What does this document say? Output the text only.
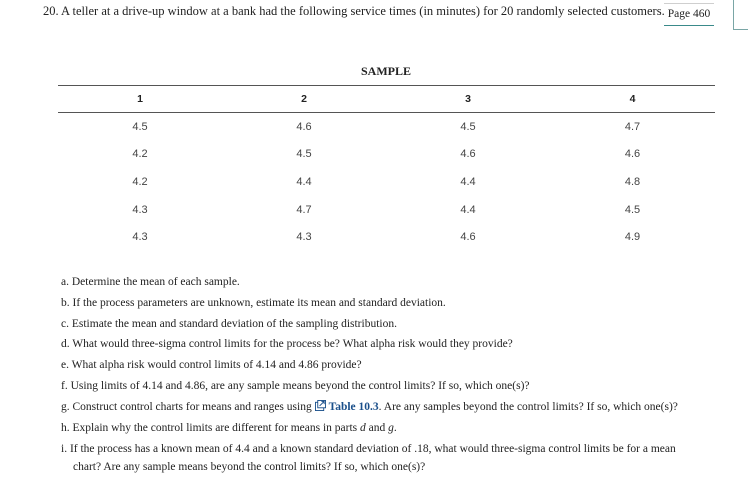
20. A teller at a drive-up window at a bank had the following service times (in minutes) for 20 randomly selected customers. Page 460
SAMPLE
1	2	3	4
4.5	4.6	4.5	4.7
4.2	4.5	4.6	4.6
4.2	4.4	4.4	4.8
4.3	4.7	4.4	4.5
4.3	4.3	4.6	4.9
a. Determine the mean of each sample.
b. If the process parameters are unknown, estimate its mean and standard deviation.
c. Estimate the mean and standard deviation of the sampling distribution.
d. What would three-sigma control limits for the process be? What alpha risk would they provide?
e. What alpha risk would control limits of 4.14 and 4.86 provide?
f. Using limits of 4.14 and 4.86, are any sample means beyond the control limits? If so, which one(s)?
g. Construct control charts for means and ranges using Table 10.3. Are any samples beyond the control limits? If so, which one(s)?
h. Explain why the control limits are different for means in parts d and g.
i. If the process has a known mean of 4.4 and a known standard deviation of .18, what would three-sigma control limits be for a mean
chart? Are any sample means beyond the control limits? If so, which one(s)?
